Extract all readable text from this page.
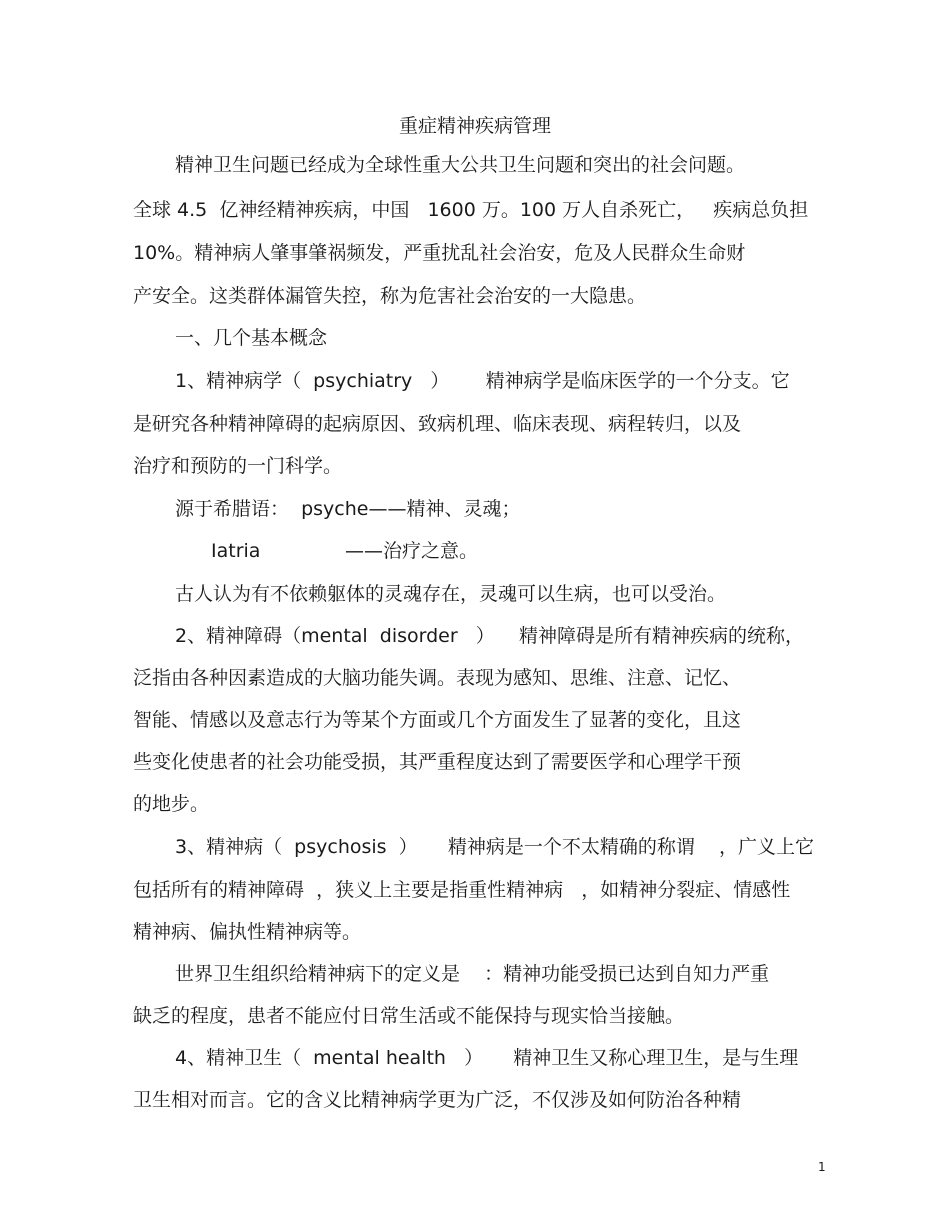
重症精神疾病管理

精神卫生问题已经成为全球性重大公共卫生问题和突出的社会问题。

全球 4.5  亿神经精神疾病，中国   1600 万。100 万人自杀死亡，   疾病总负担

10%。精神病人肇事肇祸频发，严重扰乱社会治安，危及人民群众生命财

产安全。这类群体漏管失控，称为危害社会治安的一大隐患。

一、几个基本概念

1、精神病学（  psychiatry   ）      精神病学是临床医学的一个分支。它

是研究各种精神障碍的起病原因、致病机理、临床表现、病程转归，以及

治疗和预防的一门科学。

源于希腊语：  psyche——精神、灵魂；

Iatria              ——治疗之意。

古人认为有不依赖躯体的灵魂存在，灵魂可以生病，也可以受治。

2、精神障碍（mental  disorder   ）    精神障碍是所有精神疾病的统称，

泛指由各种因素造成的大脑功能失调。表现为感知、思维、注意、记忆、

智能、情感以及意志行为等某个方面或几个方面发生了显著的变化，且这

些变化使患者的社会功能受损，其严重程度达到了需要医学和心理学干预

的地步。

3、精神病（  psychosis  ）     精神病是一个不太精确的称谓    ，广义上它

包括所有的精神障碍  ，狭义上主要是指重性精神病   ，如精神分裂症、情感性

精神病、偏执性精神病等。

世界卫生组织给精神病下的定义是    ：精神功能受损已达到自知力严重

缺乏的程度，患者不能应付日常生活或不能保持与现实恰当接触。

4、精神卫生（  mental health   ）     精神卫生又称心理卫生，是与生理

卫生相对而言。它的含义比精神病学更为广泛，不仅涉及如何防治各种精

1
